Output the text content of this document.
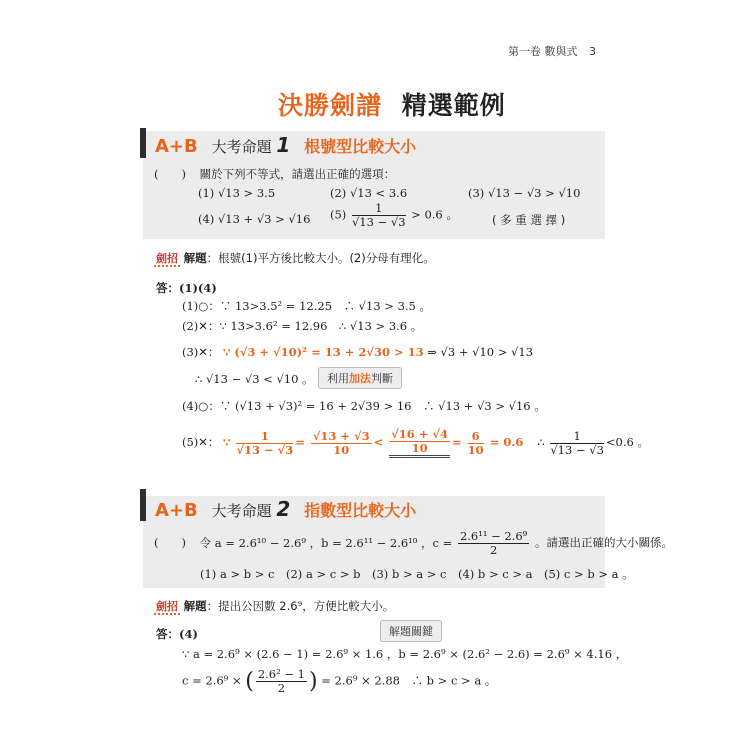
第一卷 數與式 3
決勝劍譜 精選範例
A+B 大考命題 1 根號型比較大小
(　　) 關於下列不等式，請選出正確的選項：
(1) √13 > 3.5	(2) √13 < 3.6	(3) √13 − √3 > √10
(4) √13 + √3 > √16 $(5) \frac{1}{√13 - √3} > 0.6$ 。	( 多 重 選 擇 )
劍招 解題：根號(1)平方後比較大小。(2)分母有理化。
答：(1)(4)
(1)○：∵ 13>3.5² = 12.25　∴ √13 > 3.5 。
(2)✕：∵ 13>3.6² = 12.96　∴ √13 > 3.6 。
(3)✕： ∵ (√3 + √10)² = 13 + 2√30 > 13 ⇒ √3 + √10 > √13
∴ √13 − √3 < √10 。	利用加法判斷
(4)○：∵ (√13 + √3)² = 16 + 2√39 > 16　∴ √13 + √3 > √16 。
(5)✕： ∵ $\frac{1}{√13 - √3} = \frac{√13 + √3}{10} < \frac{√16 + √4}{10} = \frac{6}{10} = 0.6$ ∴ $\frac{1}{√13 - √3} <0.6$ 。
A+B 大考命題 2 指數型比較大小
(　　) 令 a = 2.6¹⁰ − 2.6⁹ ，b = 2.6¹¹ − 2.6¹⁰ ，$c = \frac{\text{2.6¹¹ − 2.6⁹}}{2}$ 。請選出正確的大小關係。
(1) a > b > c　(2) a > c > b　(3) b > a > c　(4) b > c > a　(5) c > b > a 。
劍招 解題：提出公因數 2.6⁹，方便比較大小。
解題關鍵
答：(4)
∵ a = 2.6⁹ × (2.6 − 1) = 2.6⁹ × 1.6 ，b = 2.6⁹ × (2.6² − 2.6) = 2.6⁹ × 4.16 ，
c = 2.6⁹ × ( $\frac{\text{2.6² − 1}}{2}$ ) = 2.6⁹ × 2.88　∴ b > c > a 。
